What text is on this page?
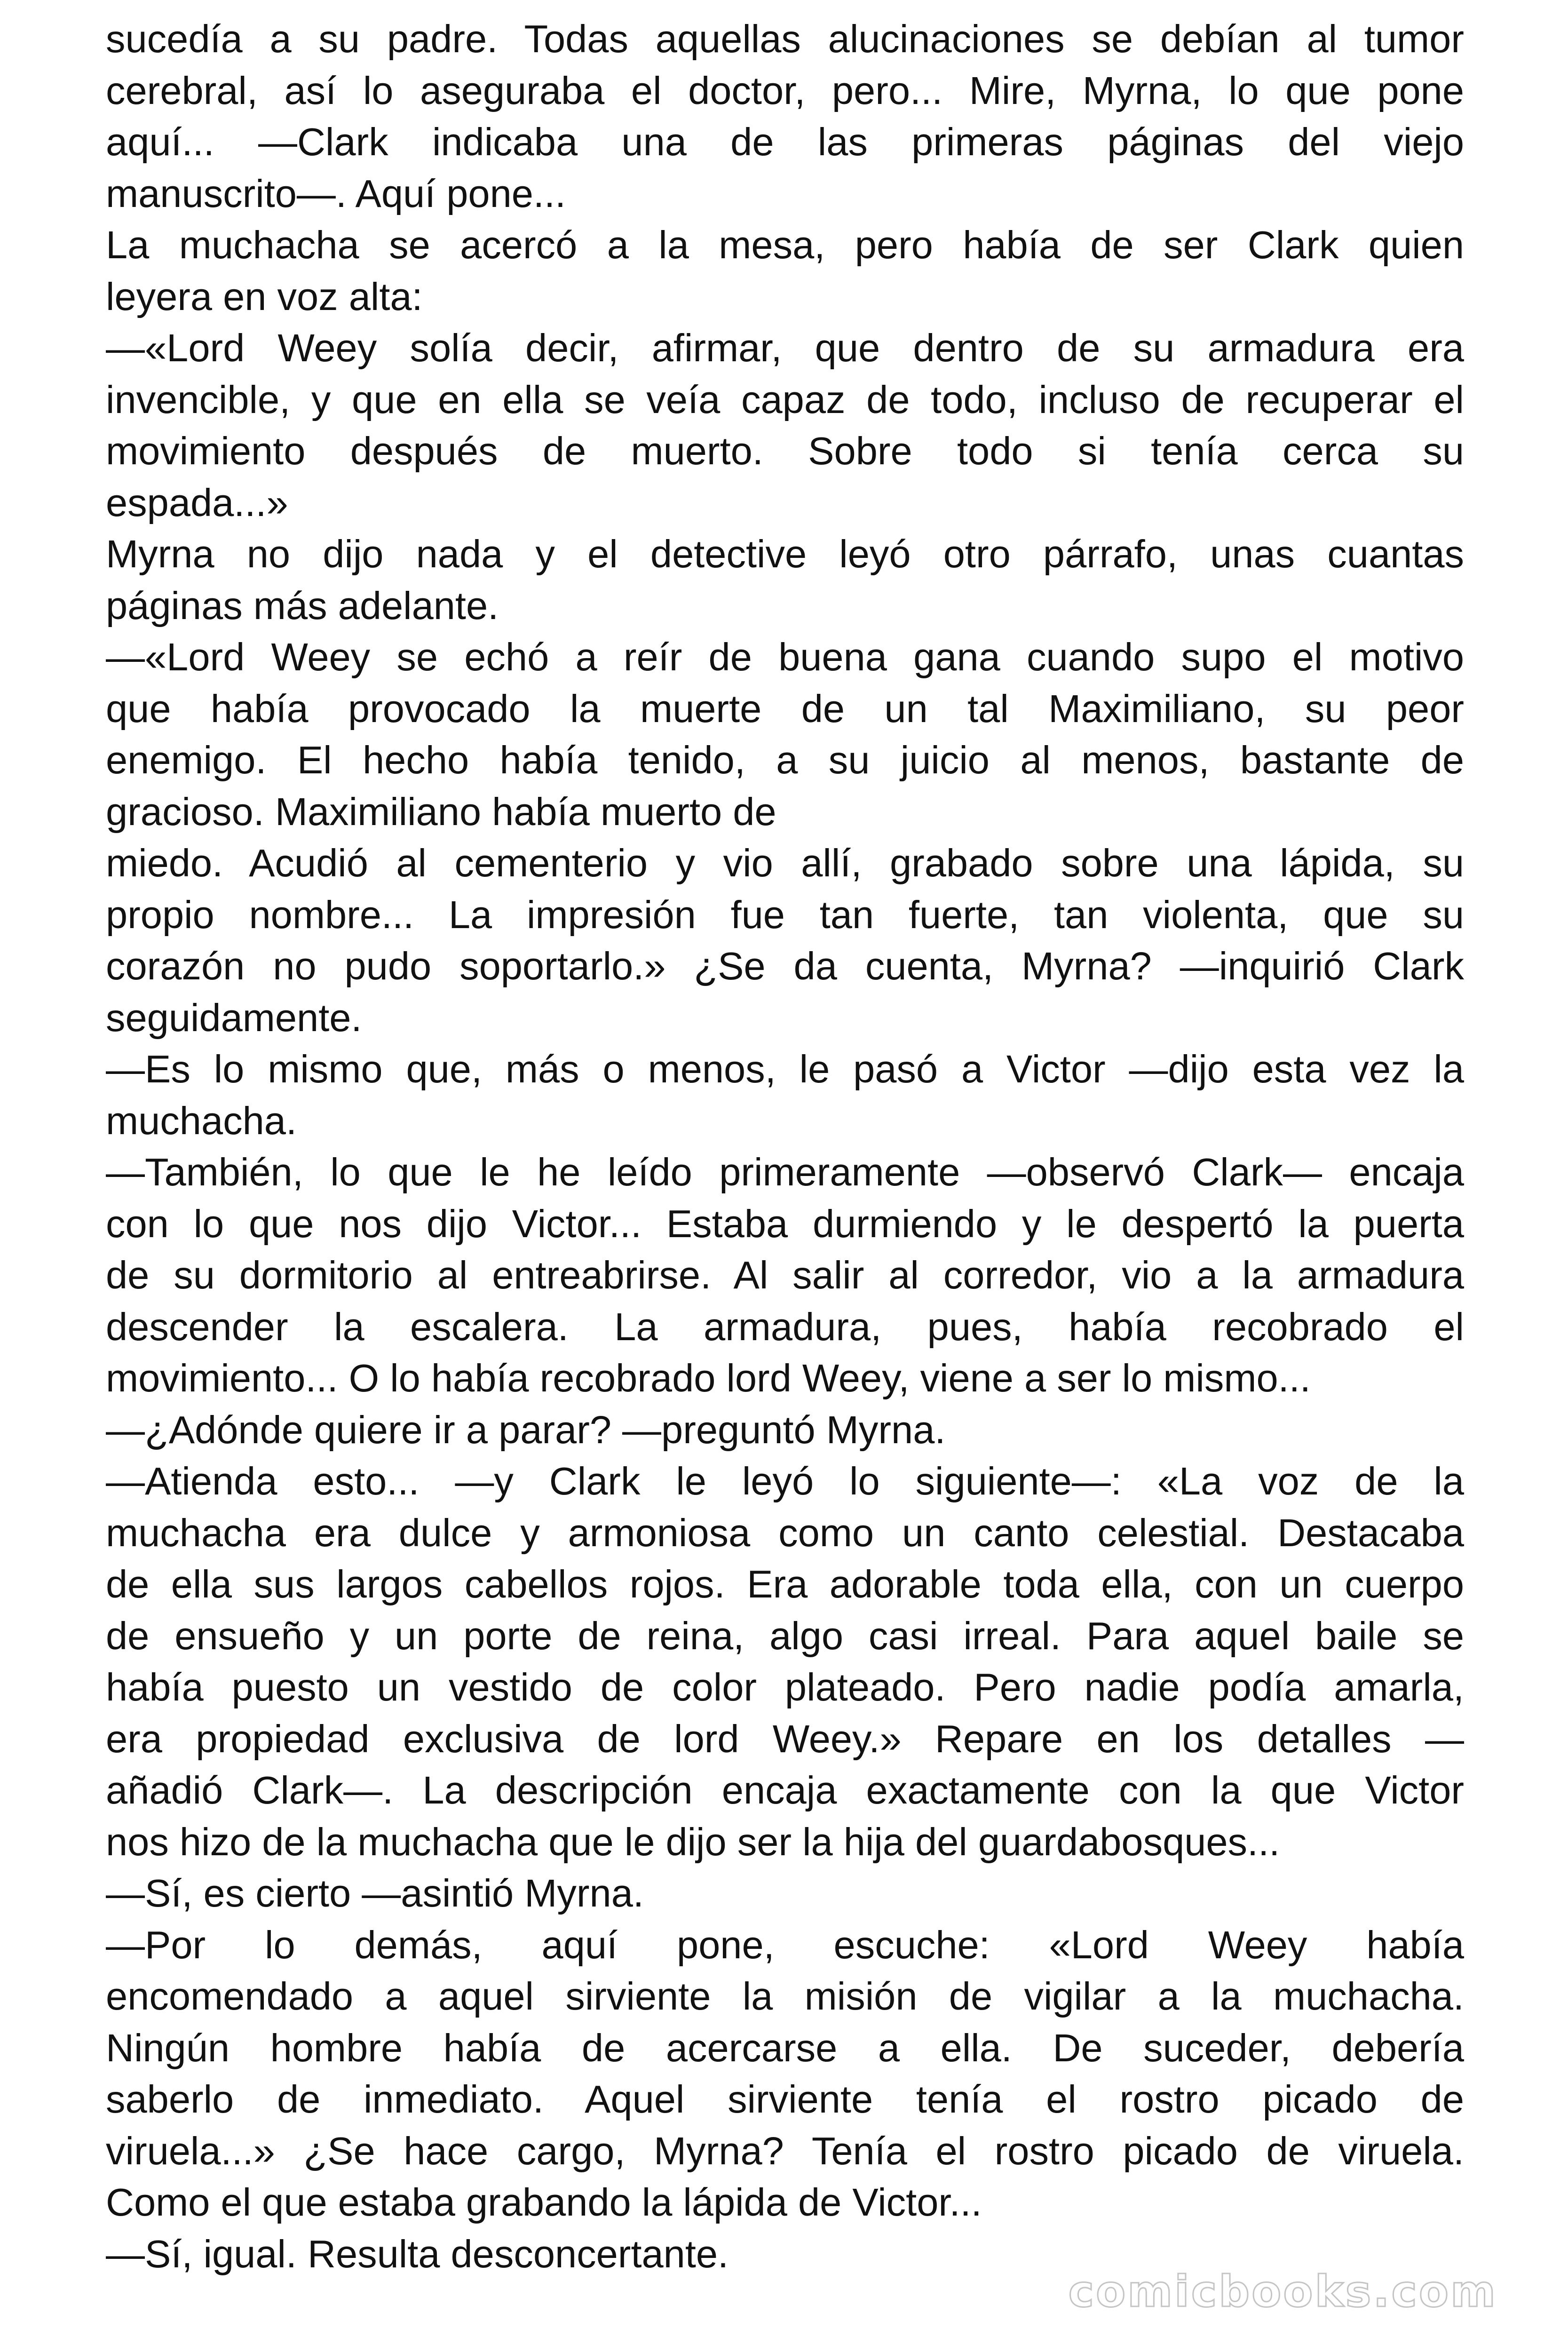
sucedía a su padre. Todas aquellas alucinaciones se debían al tumor
cerebral, así lo aseguraba el doctor, pero... Mire, Myrna, lo que pone
aquí... —Clark indicaba una de las primeras páginas del viejo
manuscrito—. Aquí pone...
La muchacha se acercó a la mesa, pero había de ser Clark quien
leyera en voz alta:
—«Lord Weey solía decir, afirmar, que dentro de su armadura era
invencible, y que en ella se veía capaz de todo, incluso de recuperar el
movimiento después de muerto. Sobre todo si tenía cerca su
espada...»
Myrna no dijo nada y el detective leyó otro párrafo, unas cuantas
páginas más adelante.
—«Lord Weey se echó a reír de buena gana cuando supo el motivo
que había provocado la muerte de un tal Maximiliano, su peor
enemigo. El hecho había tenido, a su juicio al menos, bastante de
gracioso. Maximiliano había muerto de
miedo. Acudió al cementerio y vio allí, grabado sobre una lápida, su
propio nombre... La impresión fue tan fuerte, tan violenta, que su
corazón no pudo soportarlo.» ¿Se da cuenta, Myrna? —inquirió Clark
seguidamente.
—Es lo mismo que, más o menos, le pasó a Victor —dijo esta vez la
muchacha.
—También, lo que le he leído primeramente —observó Clark— encaja
con lo que nos dijo Victor... Estaba durmiendo y le despertó la puerta
de su dormitorio al entreabrirse. Al salir al corredor, vio a la armadura
descender la escalera. La armadura, pues, había recobrado el
movimiento... O lo había recobrado lord Weey, viene a ser lo mismo...
—¿Adónde quiere ir a parar? —preguntó Myrna.
—Atienda esto... —y Clark le leyó lo siguiente—: «La voz de la
muchacha era dulce y armoniosa como un canto celestial. Destacaba
de ella sus largos cabellos rojos. Era adorable toda ella, con un cuerpo
de ensueño y un porte de reina, algo casi irreal. Para aquel baile se
había puesto un vestido de color plateado. Pero nadie podía amarla,
era propiedad exclusiva de lord Weey.» Repare en los detalles —
añadió Clark—. La descripción encaja exactamente con la que Victor
nos hizo de la muchacha que le dijo ser la hija del guardabosques...
—Sí, es cierto —asintió Myrna.
—Por lo demás, aquí pone, escuche: «Lord Weey había
encomendado a aquel sirviente la misión de vigilar a la muchacha.
Ningún hombre había de acercarse a ella. De suceder, debería
saberlo de inmediato. Aquel sirviente tenía el rostro picado de
viruela...» ¿Se hace cargo, Myrna? Tenía el rostro picado de viruela.
Como el que estaba grabando la lápida de Victor...
—Sí, igual. Resulta desconcertante.
comicbooks.com
